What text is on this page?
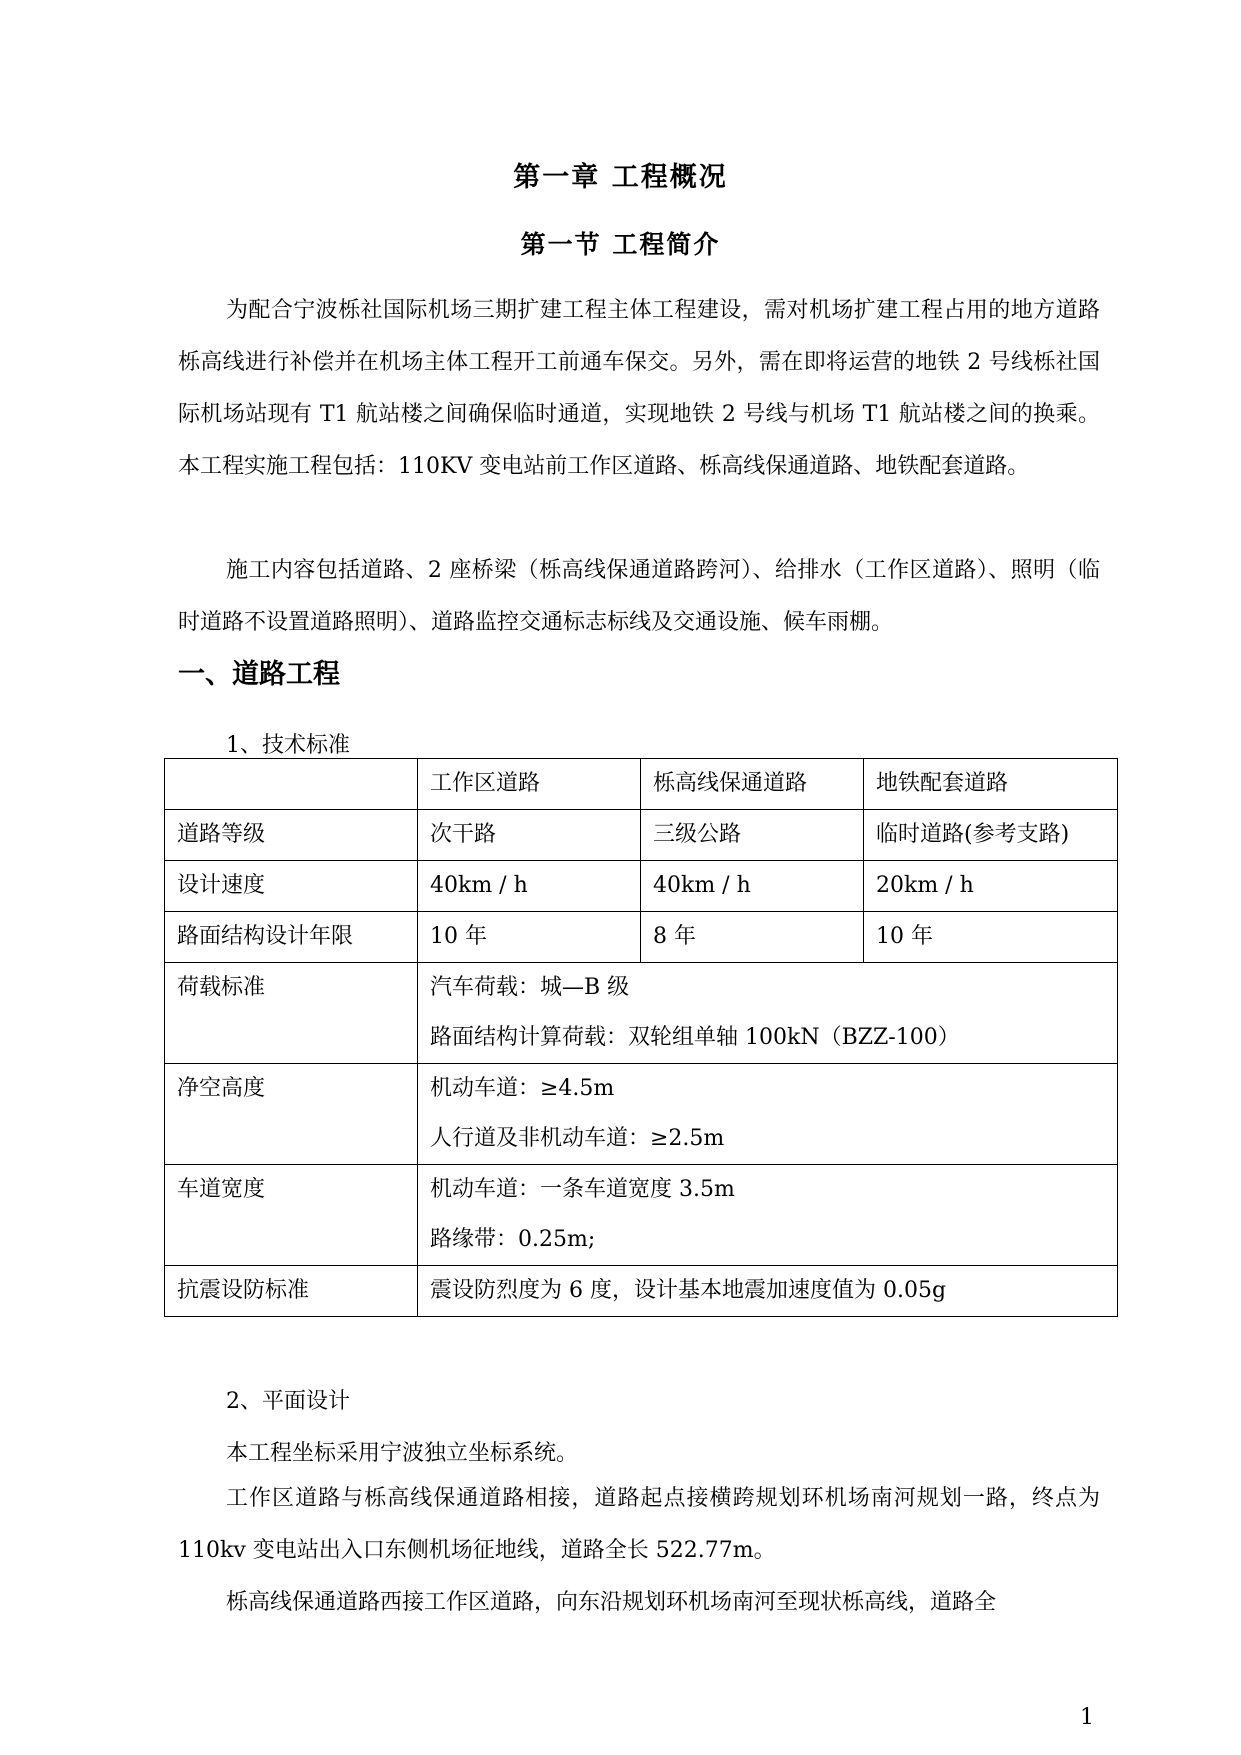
第一章 工程概况
第一节 工程简介

为配合宁波栎社国际机场三期扩建工程主体工程建设，需对机场扩建工程占用的地方道路栎高线进行补偿并在机场主体工程开工前通车保交。另外，需在即将运营的地铁 2 号线栎社国际机场站现有 T1 航站楼之间确保临时通道，实现地铁 2 号线与机场 T1 航站楼之间的换乘。本工程实施工程包括：110KV 变电站前工作区道路、栎高线保通道路、地铁配套道路。

施工内容包括道路、2 座桥梁（栎高线保通道路跨河）、给排水（工作区道路）、照明（临时道路不设置道路照明）、道路监控交通标志标线及交通设施、候车雨棚。

一、道路工程
1、技术标准
	工作区道路	栎高线保通道路	地铁配套道路
道路等级	次干路	三级公路	临时道路(参考支路)
设计速度	40km / h	40km / h	20km / h
路面结构设计年限	10 年	8 年	10 年
荷载标准	汽车荷载：城—B 级
路面结构计算荷载：双轮组单轴 100kN（BZZ-100）		

净空高度	机动车道：≥4.5m
人行道及非机动车道：≥2.5m		

车道宽度	机动车道：一条车道宽度 3.5m
路缘带：0.25m;		

抗震设防标准	震设防烈度为 6 度，设计基本地震加速度值为 0.05g		
2、平面设计
本工程坐标采用宁波独立坐标系统。

工作区道路与栎高线保通道路相接，道路起点接横跨规划环机场南河规划一路，终点为 110kv 变电站出入口东侧机场征地线，道路全长 522.77m。

栎高线保通道路西接工作区道路，向东沿规划环机场南河至现状栎高线，道路全

1
